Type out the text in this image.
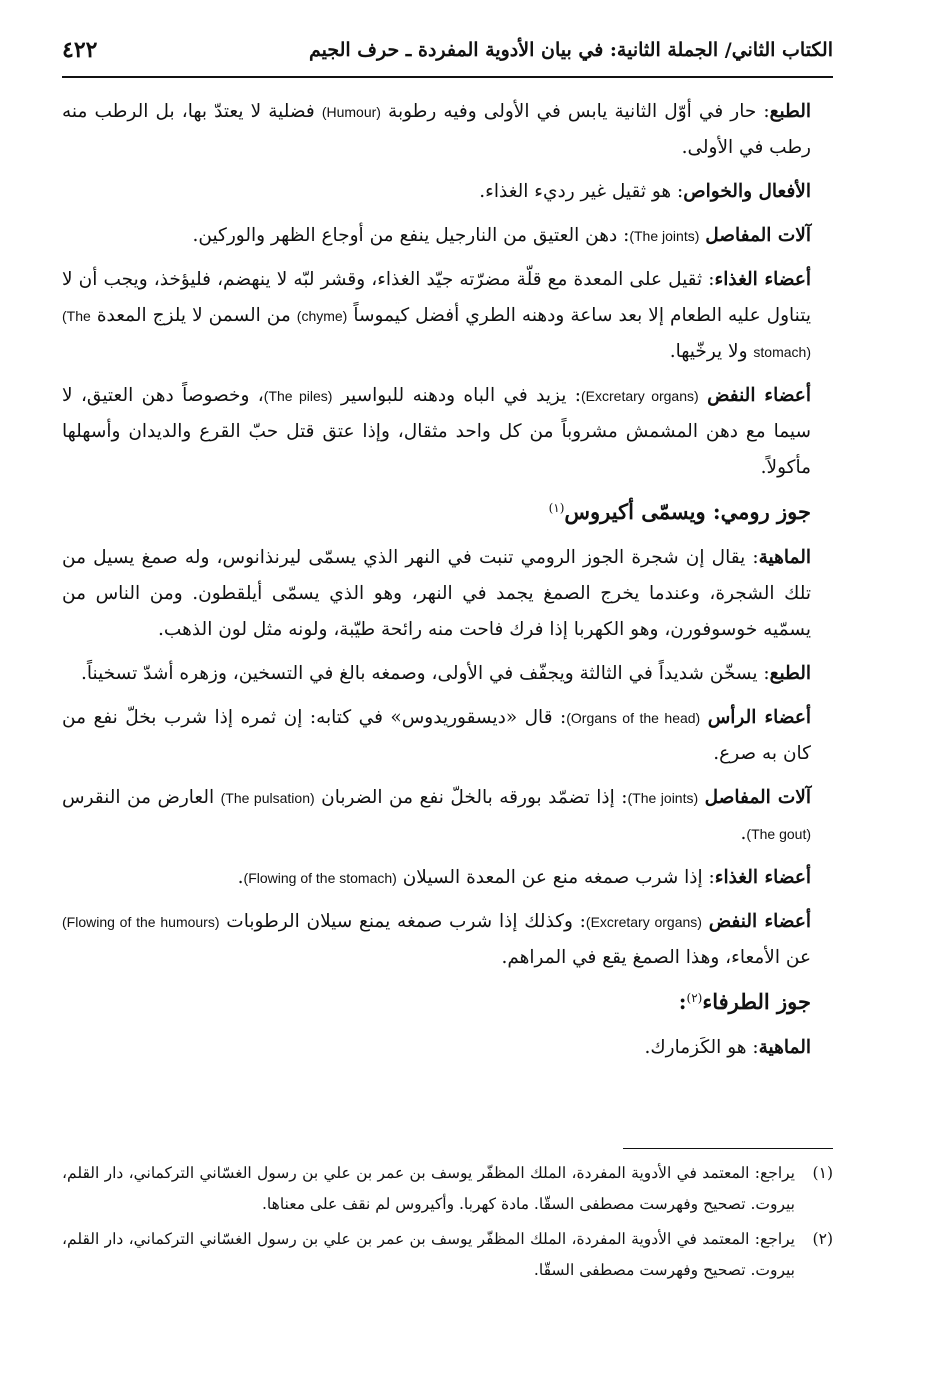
الكتاب الثاني/ الجملة الثانية: في بيان الأدوية المفردة ـ حرف الجيم
٤٢٢

الطبع: حار في أوّل الثانية يابس في الأولى وفيه رطوبة (Humour) فضلية لا يعتدّ بها، بل الرطب منه رطب في الأولى.

الأفعال والخواص: هو ثقيل غير رديء الغذاء.

آلات المفاصل (The joints): دهن العتيق من النارجيل ينفع من أوجاع الظهر والوركين.

أعضاء الغذاء: ثقيل على المعدة مع قلّة مضرّته جيّد الغذاء، وقشر لبّه لا ينهضم، فليؤخذ، ويجب أن لا يتناول عليه الطعام إلا بعد ساعة ودهنه الطري أفضل كيموساً (chyme) من السمن لا يلزج المعدة (The stomach) ولا يرخّيها.

أعضاء النفض (Excretary organs): يزيد في الباه ودهنه للبواسير (The piles)، وخصوصاً دهن العتيق، لا سيما مع دهن المشمش مشروباً من كل واحد مثقال، وإذا عتق قتل حبّ القرع والديدان وأسهلها مأكولاً.

جوز رومي: ويسمّى أكيروس$^{(١)}$

الماهية: يقال إن شجرة الجوز الرومي تنبت في النهر الذي يسمّى ليرنذانوس، وله صمغ يسيل من تلك الشجرة، وعندما يخرج الصمغ يجمد في النهر، وهو الذي يسمّى أيلقطون. ومن الناس من يسمّيه خوسوفورن، وهو الكهربا إذا فرك فاحت منه رائحة طيّبة، ولونه مثل لون الذهب.

الطبع: يسخّن شديداً في الثالثة ويجفّف في الأولى، وصمغه بالغ في التسخين، وزهره أشدّ تسخيناً.

أعضاء الرأس (Organs of the head): قال «ديسقوريدوس» في كتابه: إن ثمره إذا شرب بخلّ نفع من كان به صرع.

آلات المفاصل (The joints): إذا تضمّد بورقه بالخلّ نفع من الضربان (The pulsation) العارض من النقرس (The gout).

أعضاء الغذاء: إذا شرب صمغه منع عن المعدة السيلان (Flowing of the stomach).

أعضاء النفض (Excretary organs): وكذلك إذا شرب صمغه يمنع سيلان الرطوبات (Flowing of the humours) عن الأمعاء، وهذا الصمغ يقع في المراهم.

جوز الطرفاء$^{(٢)}$:

الماهية: هو الكَزمارك.

(١)
يراجع: المعتمد في الأدوية المفردة، الملك المظفّر يوسف بن عمر بن علي بن رسول الغسّاني التركماني، دار القلم، بيروت. تصحيح وفهرست مصطفى السقّا. مادة كهربا. وأكيروس لم نقف على معناها.
(٢)
يراجع: المعتمد في الأدوية المفردة، الملك المظفّر يوسف بن عمر بن علي بن رسول الغسّاني التركماني، دار القلم، بيروت. تصحيح وفهرست مصطفى السقّا.
